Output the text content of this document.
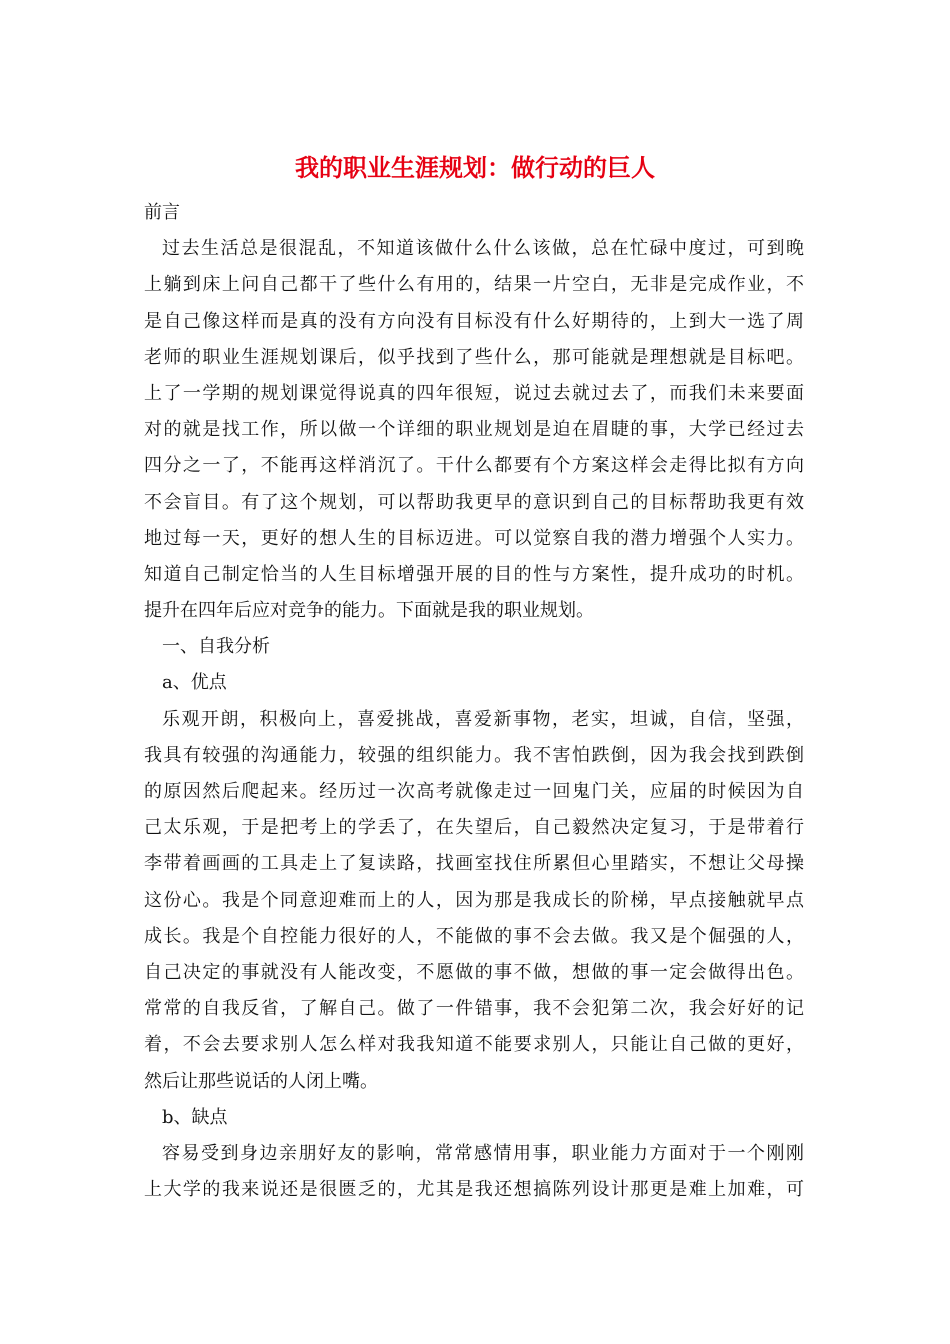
我的职业生涯规划：做行动的巨人

前言

过去生活总是很混乱，不知道该做什么什么该做，总在忙碌中度过，可到晚

上躺到床上问自己都干了些什么有用的，结果一片空白，无非是完成作业，不

是自己像这样而是真的没有方向没有目标没有什么好期待的，上到大一选了周

老师的职业生涯规划课后，似乎找到了些什么，那可能就是理想就是目标吧。

上了一学期的规划课觉得说真的四年很短，说过去就过去了，而我们未来要面

对的就是找工作，所以做一个详细的职业规划是迫在眉睫的事，大学已经过去

四分之一了，不能再这样消沉了。干什么都要有个方案这样会走得比拟有方向

不会盲目。有了这个规划，可以帮助我更早的意识到自己的目标帮助我更有效

地过每一天，更好的想人生的目标迈进。可以觉察自我的潜力增强个人实力。

知道自己制定恰当的人生目标增强开展的目的性与方案性，提升成功的时机。

提升在四年后应对竞争的能力。下面就是我的职业规划。

一、自我分析

a、优点

乐观开朗，积极向上，喜爱挑战，喜爱新事物，老实，坦诚，自信，坚强，

我具有较强的沟通能力，较强的组织能力。我不害怕跌倒，因为我会找到跌倒

的原因然后爬起来。经历过一次高考就像走过一回鬼门关，应届的时候因为自

己太乐观，于是把考上的学丢了，在失望后，自己毅然决定复习，于是带着行

李带着画画的工具走上了复读路，找画室找住所累但心里踏实，不想让父母操

这份心。我是个同意迎难而上的人，因为那是我成长的阶梯，早点接触就早点

成长。我是个自控能力很好的人，不能做的事不会去做。我又是个倔强的人，

自己决定的事就没有人能改变，不愿做的事不做，想做的事一定会做得出色。

常常的自我反省，了解自己。做了一件错事，我不会犯第二次，我会好好的记

着，不会去要求别人怎么样对我我知道不能要求别人，只能让自己做的更好，

然后让那些说话的人闭上嘴。

b、缺点

容易受到身边亲朋好友的影响，常常感情用事，职业能力方面对于一个刚刚

上大学的我来说还是很匮乏的，尤其是我还想搞陈列设计那更是难上加难，可
